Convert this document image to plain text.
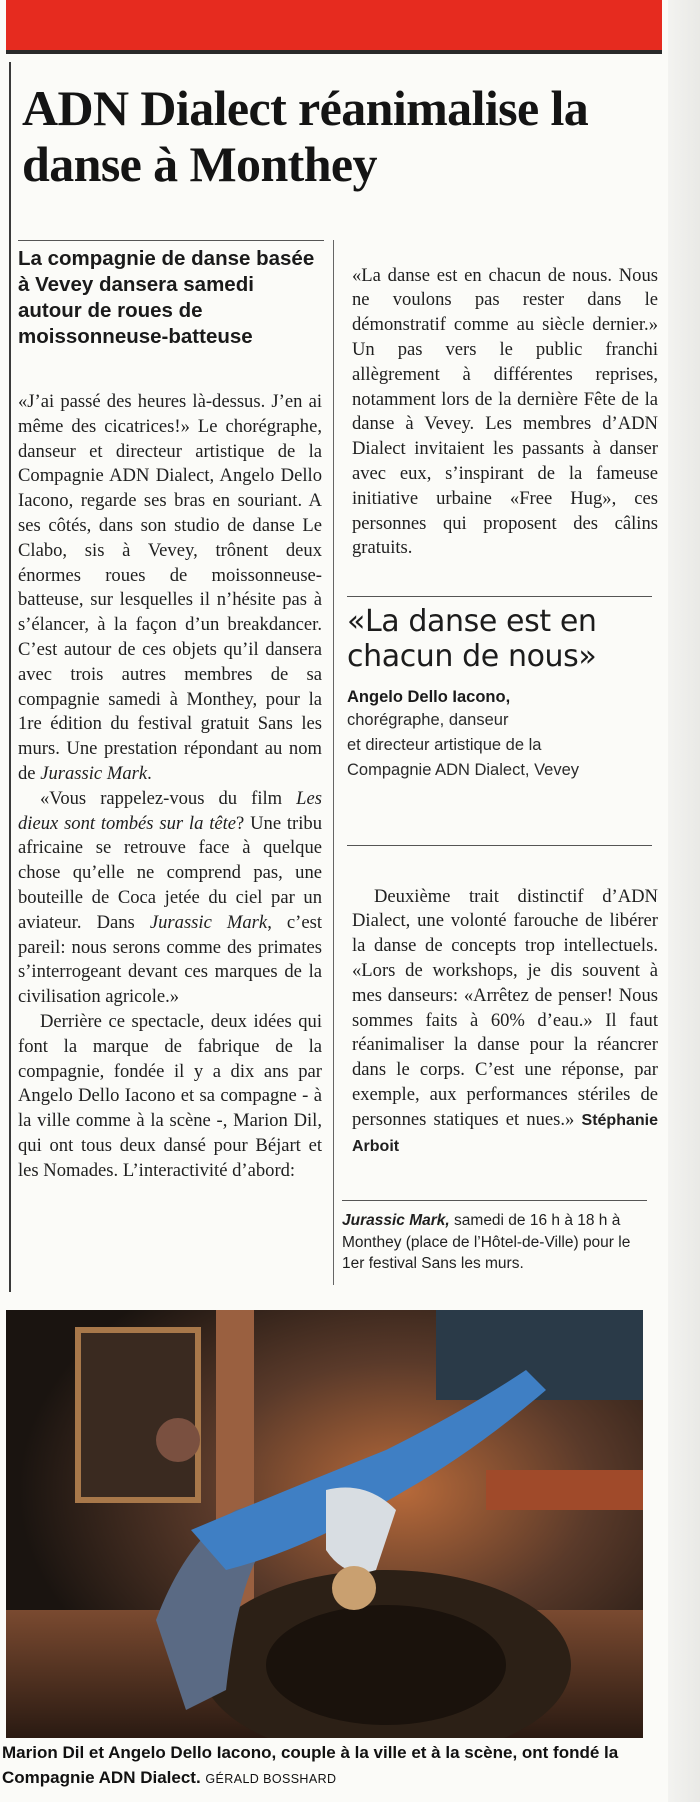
ADN Dialect réanimalise la danse à Monthey
La compagnie de danse basée à Vevey dansera samedi autour de roues de moissonneuse-batteuse

«J’ai passé des heures là-dessus. J’en ai même des cicatrices!» Le chorégraphe, danseur et directeur artistique de la Compagnie ADN Dialect, Angelo Dello Iacono, regarde ses bras en souriant. A ses côtés, dans son studio de danse Le Clabo, sis à Vevey, trônent deux énormes roues de moissonneuse-batteuse, sur lesquelles il n’hésite pas à s’élancer, à la façon d’un breakdancer. C’est autour de ces objets qu’il dansera avec trois autres membres de sa compagnie samedi à Monthey, pour la 1re édition du festival gratuit Sans les murs. Une prestation répondant au nom de Jurassic Mark.

«Vous rappelez-vous du film Les dieux sont tombés sur la tête? Une tribu africaine se retrouve face à quelque chose qu’elle ne comprend pas, une bouteille de Coca jetée du ciel par un aviateur. Dans Jurassic Mark, c’est pareil: nous serons comme des primates s’interrogeant devant ces marques de la civilisation agricole.»

Derrière ce spectacle, deux idées qui font la marque de fabrique de la compagnie, fondée il y a dix ans par Angelo Dello Iacono et sa compagne - à la ville comme à la scène -, Marion Dil, qui ont tous deux dansé pour Béjart et les Nomades. L’interactivité d’abord:

«La danse est en chacun de nous. Nous ne voulons pas rester dans le démonstratif comme au siècle dernier.» Un pas vers le public franchi allègrement à différentes reprises, notamment lors de la dernière Fête de la danse à Vevey. Les membres d’ADN Dialect invitaient les passants à danser avec eux, s’inspirant de la fameuse initiative urbaine «Free Hug», ces personnes qui proposent des câlins gratuits.

«La danse est en chacun de nous»

Angelo Dello Iacono,

chorégraphe, danseur

et directeur artistique de la

Compagnie ADN Dialect, Vevey

Deuxième trait distinctif d’ADN Dialect, une volonté farouche de libérer la danse de concepts trop intellectuels. «Lors de workshops, je dis souvent à mes danseurs: «Arrêtez de penser! Nous sommes faits à 60% d’eau.» Il faut réanimaliser la danse pour la réancrer dans le corps. C’est une réponse, par exemple, aux performances stériles de personnes statiques et nues.» Stéphanie Arboit

Jurassic Mark, samedi de 16 h à 18 h à Monthey (place de l’Hôtel-de-Ville) pour le 1er festival Sans les murs.
Marion Dil et Angelo Dello Iacono, couple à la ville et à la scène, ont fondé la Compagnie ADN Dialect. GÉRALD BOSSHARD
